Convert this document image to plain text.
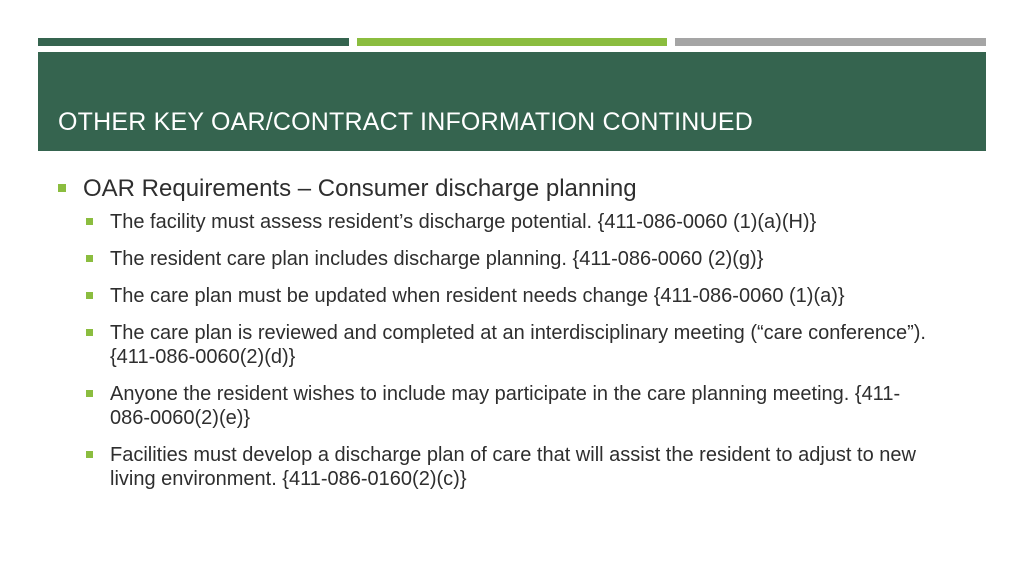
OTHER KEY OAR/CONTRACT INFORMATION CONTINUED
OAR Requirements – Consumer discharge planning
The facility must assess resident’s discharge potential. {411-086-0060 (1)(a)(H)}
The resident care plan includes discharge planning. {411-086-0060 (2)(g)}
The care plan must be updated when resident needs change {411-086-0060 (1)(a)}
The care plan is reviewed and completed at an interdisciplinary meeting (“care conference”). {411-086-0060(2)(d)}
Anyone the resident wishes to include may participate in the care planning meeting. {411-086-0060(2)(e)}
Facilities must develop a discharge plan of care that will assist the resident to adjust to new living environment. {411-086-0160(2)(c)}
